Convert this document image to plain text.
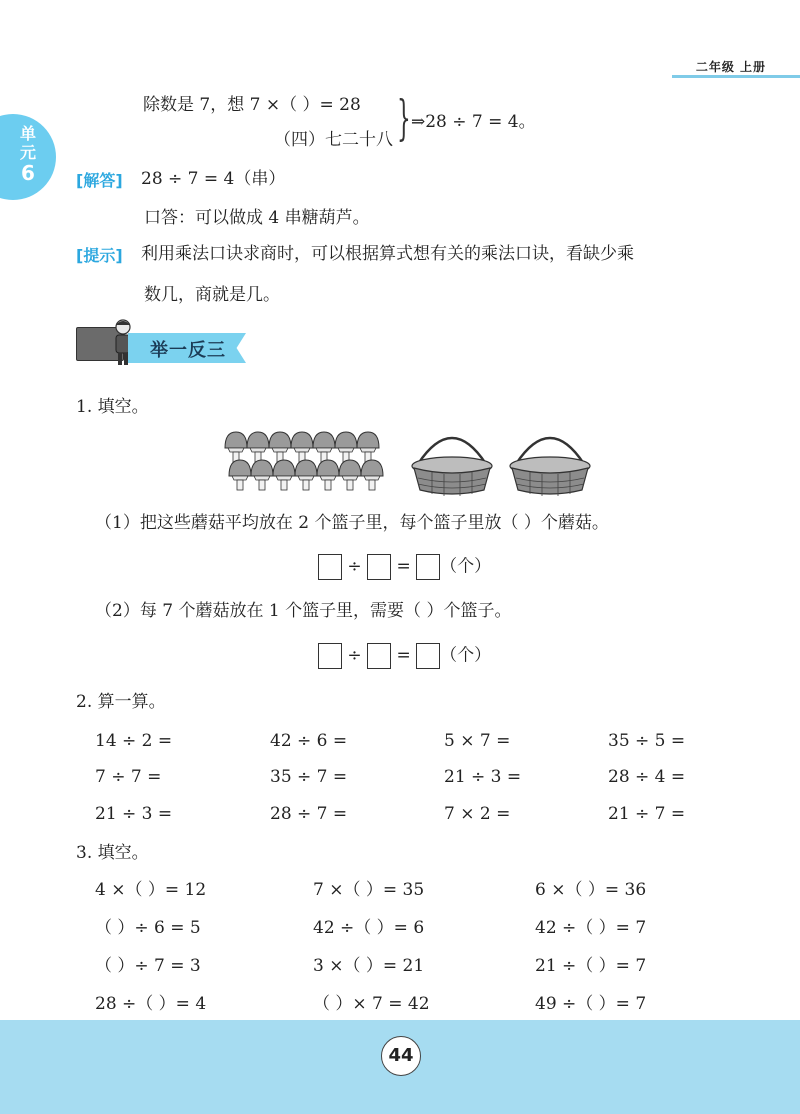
二年级 上册
单
元
6
除数是 7，想 7 ×（ ）= 28
（四）七二十八 } ⇒28 ÷ 7 = 4。
[解答] 28 ÷ 7 = 4（串）
口答：可以做成 4 串糖葫芦。
[提示] 利用乘法口诀求商时，可以根据算式想有关的乘法口诀，看缺少乘
数几，商就是几。
举一反三
1. 填空。
（1）把这些蘑菇平均放在 2 个篮子里，每个篮子里放（ ）个蘑菇。
÷ = （个）
（2）每 7 个蘑菇放在 1 个篮子里，需要（ ）个篮子。
÷ = （个）
2. 算一算。
14 ÷ 2 =	42 ÷ 6 =	5 × 7 =	35 ÷ 5 =
7 ÷ 7 =	35 ÷ 7 =	21 ÷ 3 =	28 ÷ 4 =
21 ÷ 3 =	28 ÷ 7 =	7 × 2 =	21 ÷ 7 =
3. 填空。
4 ×（ ）= 12	7 ×（ ）= 35	6 ×（ ）= 36
（ ）÷ 6 = 5	42 ÷（ ）= 6	42 ÷（ ）= 7
（ ）÷ 7 = 3	3 ×（ ）= 21	21 ÷（ ）= 7
28 ÷（ ）= 4	（ ）× 7 = 42	49 ÷（ ）= 7
44
